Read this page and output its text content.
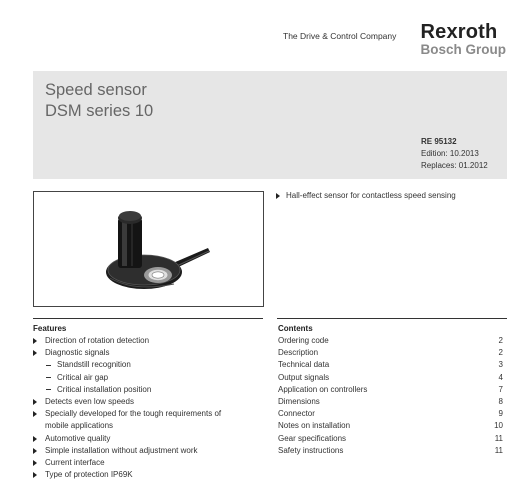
The Drive & Control Company Rexroth
Bosch Group
Speed sensor
DSM series 10
RE 95132
Edition: 10.2013
Replaces: 01.2012
Hall-effect sensor for contactless speed sensing
Features
Direction of rotation detection
Diagnostic signals
Standstill recognition
Critical air gap
Critical installation position
Detects even low speeds
Specially developed for the tough requirements of
mobile applications
Automotive quality
Simple installation without adjustment work
Current interface
Type of protection IP69K
Contents
Ordering code	2
Description	2
Technical data	3
Output signals	4
Application on controllers	7
Dimensions	8
Connector	9
Notes on installation	10
Gear specifications	11
Safety instructions	11
